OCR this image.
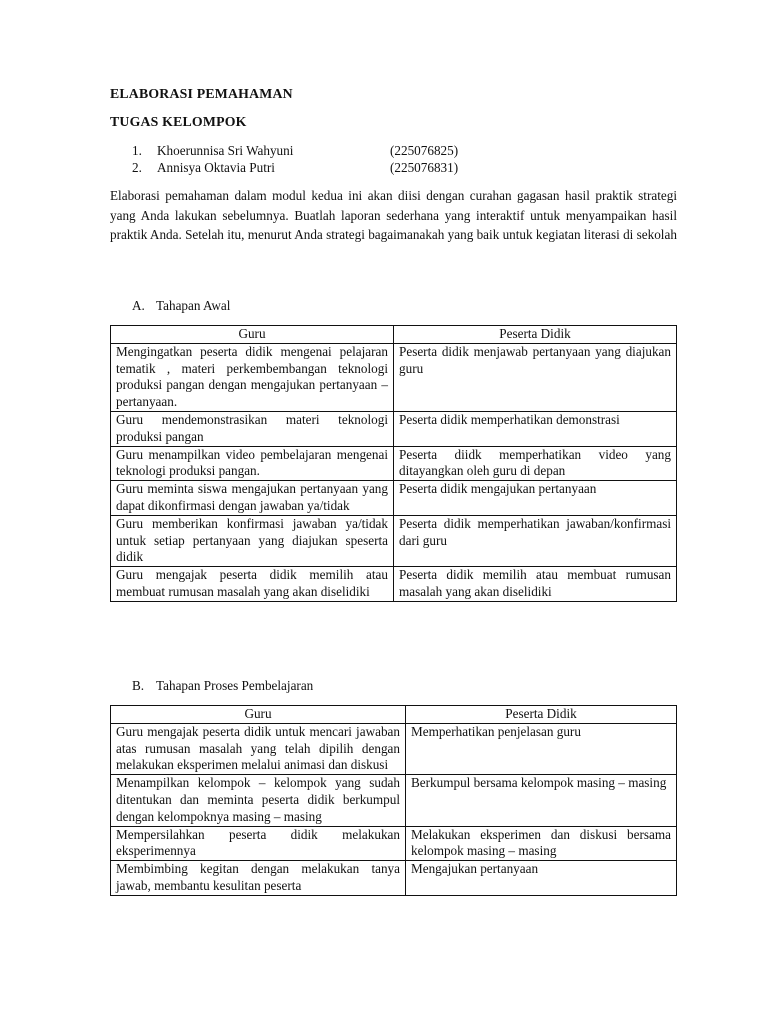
ELABORASI PEMAHAMAN
TUGAS KELOMPOK
1. Khoerunnisa Sri Wahyuni	(225076825)
2. Annisya Oktavia Putri	(225076831)
Elaborasi pemahaman dalam modul kedua ini akan diisi dengan curahan gagasan hasil praktik strategi yang Anda lakukan sebelumnya. Buatlah laporan sederhana yang interaktif untuk menyampaikan hasil praktik Anda. Setelah itu, menurut Anda strategi bagaimanakah yang baik untuk kegiatan literasi di sekolah
A. Tahapan Awal
Guru	Peserta Didik
Mengingatkan peserta didik mengenai pelajaran tematik , materi perkembembangan teknologi produksi pangan dengan mengajukan pertanyaan – pertanyaan.	Peserta didik menjawab pertanyaan yang diajukan guru
Guru mendemonstrasikan materi teknologi produksi pangan	Peserta didik memperhatikan demonstrasi
Guru menampilkan video pembelajaran mengenai teknologi produksi pangan.	Peserta diidk memperhatikan video yang ditayangkan oleh guru di depan
Guru meminta siswa mengajukan pertanyaan yang dapat dikonfirmasi dengan jawaban ya/tidak	Peserta didik mengajukan pertanyaan
Guru memberikan konfirmasi jawaban ya/tidak untuk setiap pertanyaan yang diajukan speserta didik	Peserta didik memperhatikan jawaban/konfirmasi dari guru
Guru mengajak peserta didik memilih atau membuat rumusan masalah yang akan diselidiki	Peserta didik memilih atau membuat rumusan masalah yang akan diselidiki
B. Tahapan Proses Pembelajaran
Guru	Peserta Didik
Guru mengajak peserta didik untuk mencari jawaban atas rumusan masalah yang telah dipilih dengan melakukan eksperimen melalui animasi dan diskusi	Memperhatikan penjelasan guru
Menampilkan kelompok – kelompok yang sudah ditentukan dan meminta peserta didik berkumpul dengan kelompoknya masing – masing	Berkumpul bersama kelompok masing – masing
Mempersilahkan peserta didik melakukan eksperimennya	Melakukan eksperimen dan diskusi bersama kelompok masing – masing
Membimbing kegitan dengan melakukan tanya jawab, membantu kesulitan peserta	Mengajukan pertanyaan
